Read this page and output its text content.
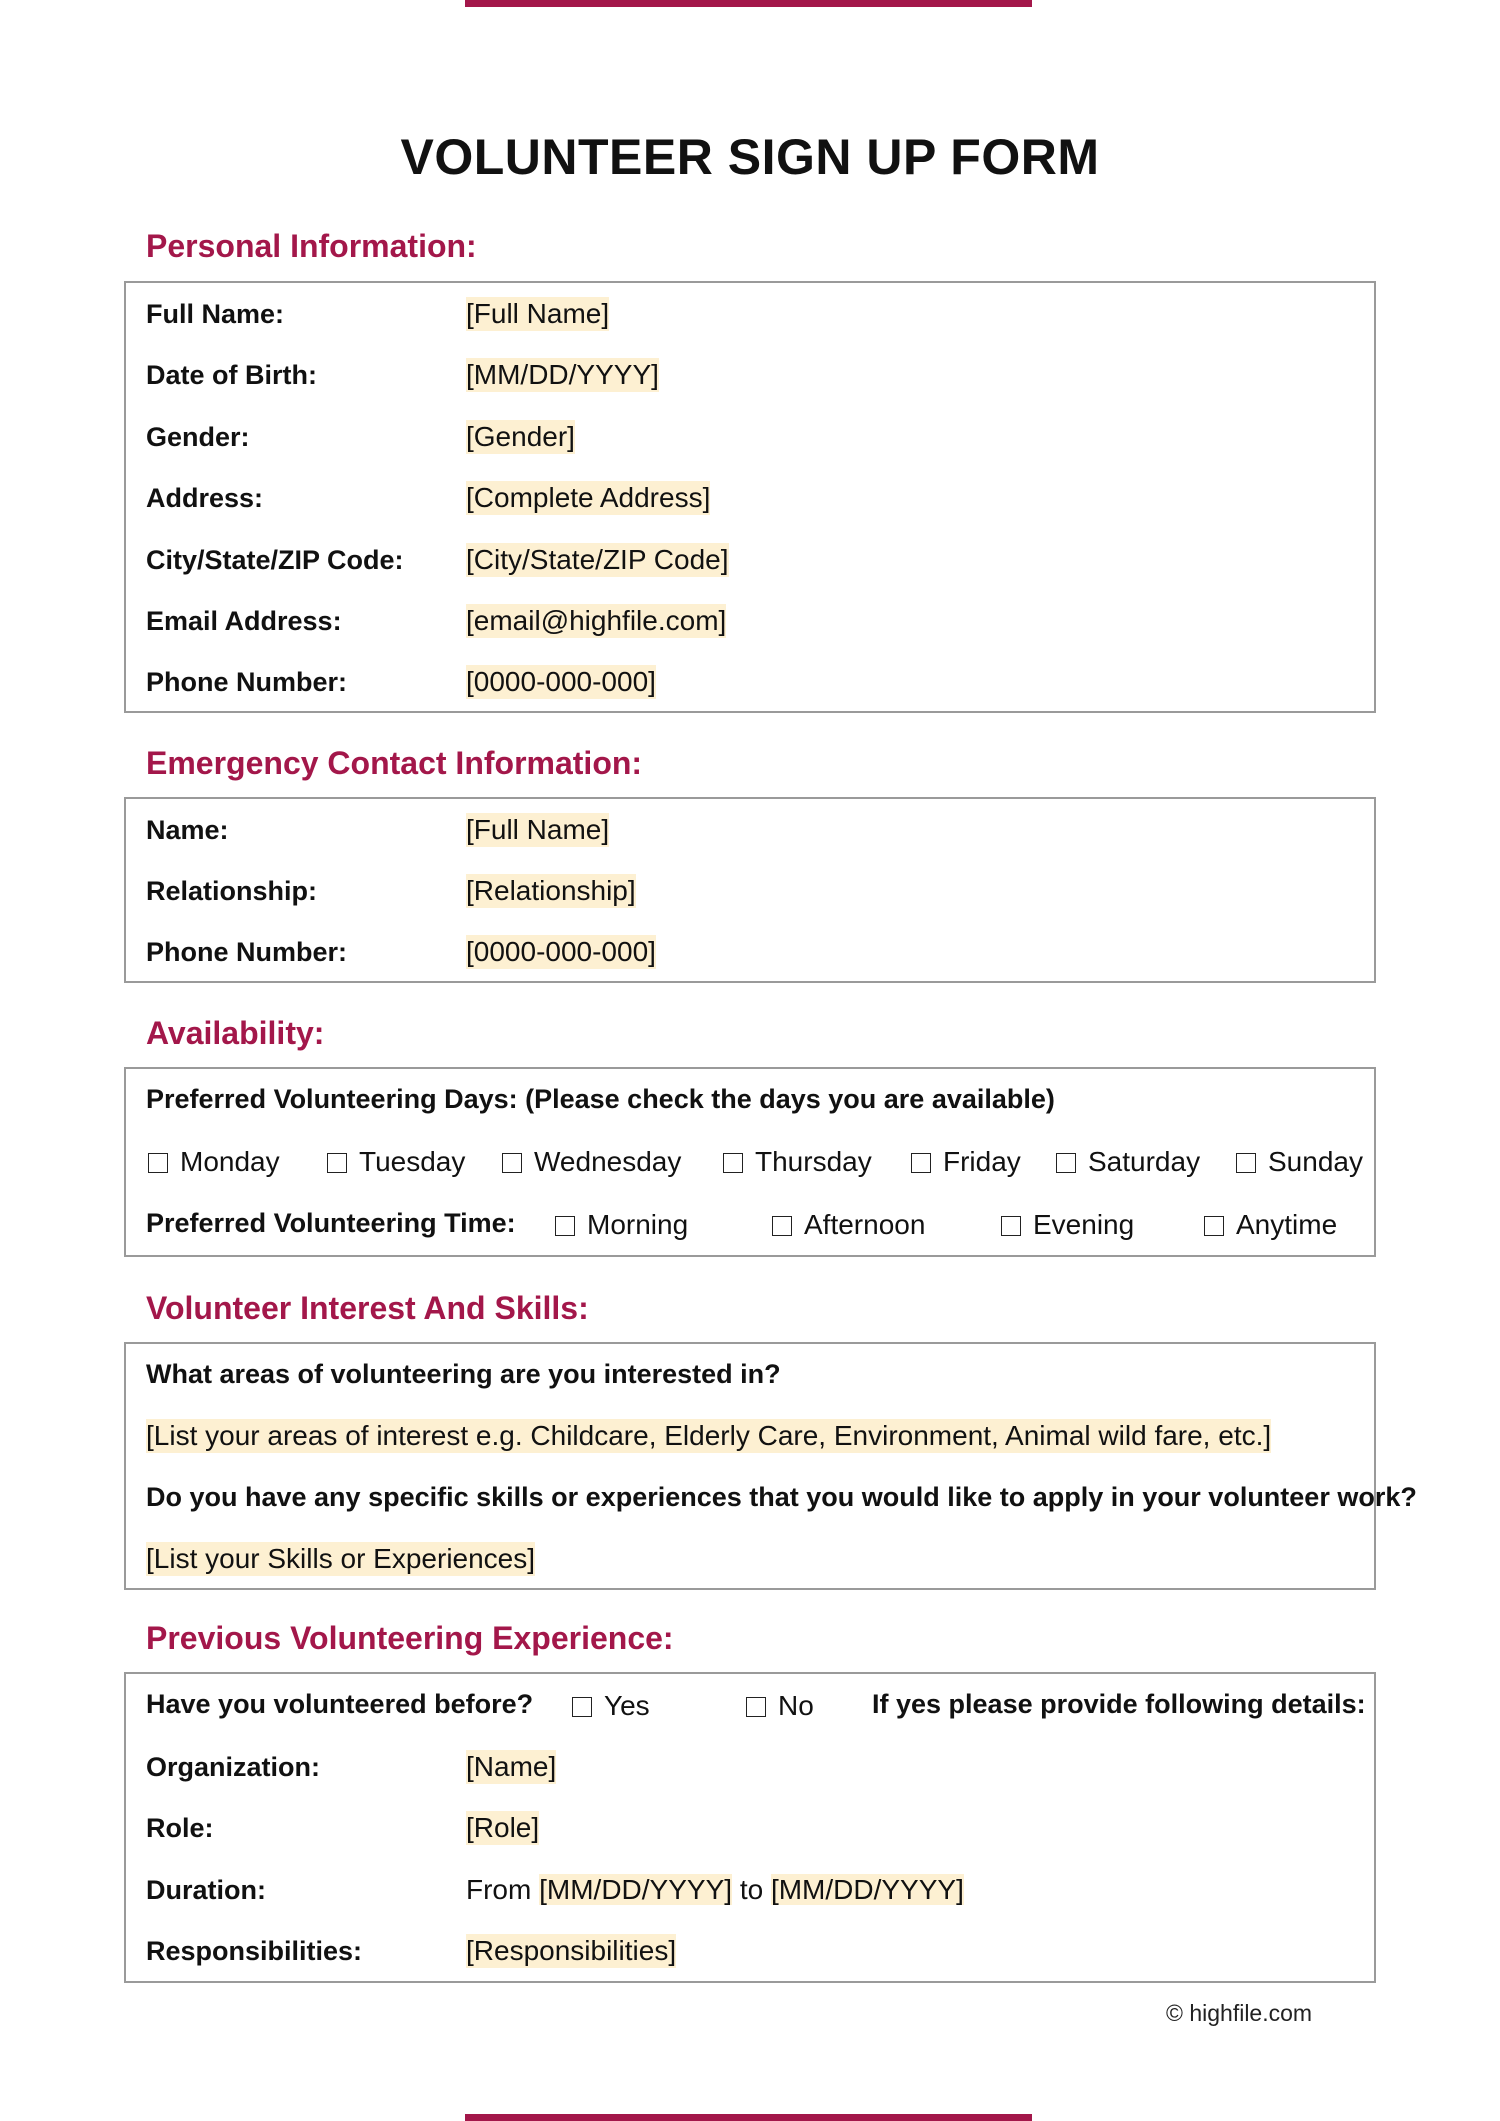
VOLUNTEER SIGN UP FORM
Personal Information:
Full Name:	[Full Name]
Date of Birth:	[MM/DD/YYYY]
Gender:	[Gender]
Address:	[Complete Address]
City/State/ZIP Code: [City/State/ZIP Code]
Email Address:	[email@highfile.com]
Phone Number:	[0000-000-000]
Emergency Contact Information:
Name:	[Full Name]
Relationship:	[Relationship]
Phone Number:	[0000-000-000]
Availability:
Preferred Volunteering Days: (Please check the days you are available)
Monday	Tuesday	Wednesday	Thursday	Friday	Saturday	Sunday
Preferred Volunteering Time:	Morning	Afternoon	Evening	Anytime
Volunteer Interest And Skills:
What areas of volunteering are you interested in?
[List your areas of interest e.g. Childcare, Elderly Care, Environment, Animal wild fare, etc.]
Do you have any specific skills or experiences that you would like to apply in your volunteer work?
[List your Skills or Experiences]
Previous Volunteering Experience:
Have you volunteered before?	Yes	No If yes please provide following details:
Organization:	[Name]
Role:	[Role]
Duration:	From [MM/DD/YYYY] to [MM/DD/YYYY]
Responsibilities:	[Responsibilities]
© highfile.com
